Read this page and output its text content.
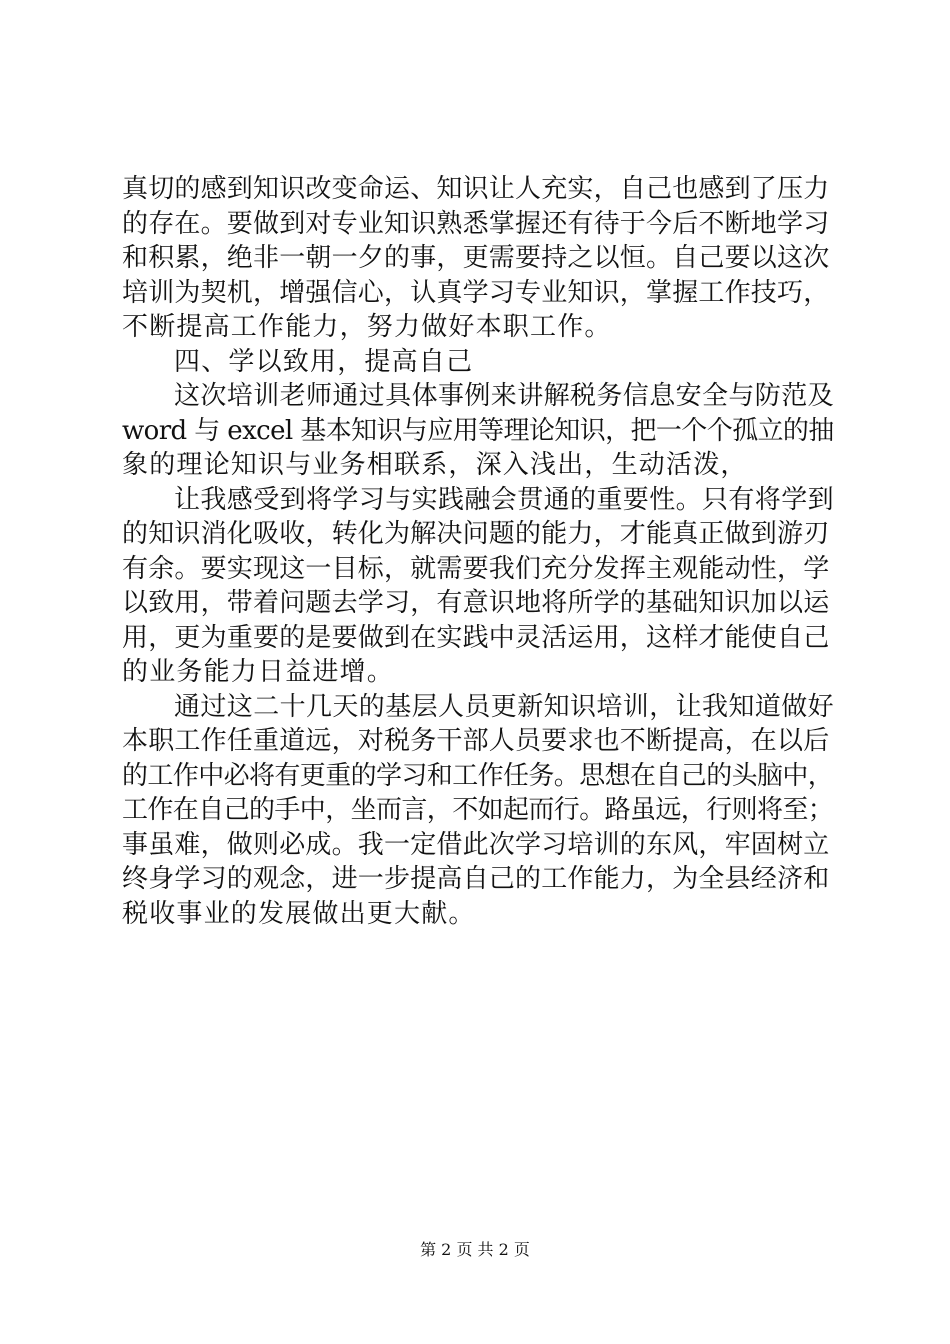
真切的感到知识改变命运、知识让人充实，自己也感到了压力
的存在。要做到对专业知识熟悉掌握还有待于今后不断地学习
和积累，绝非一朝一夕的事，更需要持之以恒。自己要以这次
培训为契机，增强信心，认真学习专业知识，掌握工作技巧，
不断提高工作能力，努力做好本职工作。
四、学以致用，提高自己
这次培训老师通过具体事例来讲解税务信息安全与防范及
word 与 excel 基本知识与应用等理论知识，把一个个孤立的抽
象的理论知识与业务相联系，深入浅出，生动活泼，
让我感受到将学习与实践融会贯通的重要性。只有将学到
的知识消化吸收，转化为解决问题的能力，才能真正做到游刃
有余。要实现这一目标，就需要我们充分发挥主观能动性，学
以致用，带着问题去学习，有意识地将所学的基础知识加以运
用，更为重要的是要做到在实践中灵活运用，这样才能使自己
的业务能力日益进增。
通过这二十几天的基层人员更新知识培训，让我知道做好
本职工作任重道远，对税务干部人员要求也不断提高，在以后
的工作中必将有更重的学习和工作任务。思想在自己的头脑中，
工作在自己的手中，坐而言，不如起而行。路虽远，行则将至；
事虽难，做则必成。我一定借此次学习培训的东风，牢固树立
终身学习的观念，进一步提高自己的工作能力，为全县经济和
税收事业的发展做出更大献。
第 2 页 共 2 页
